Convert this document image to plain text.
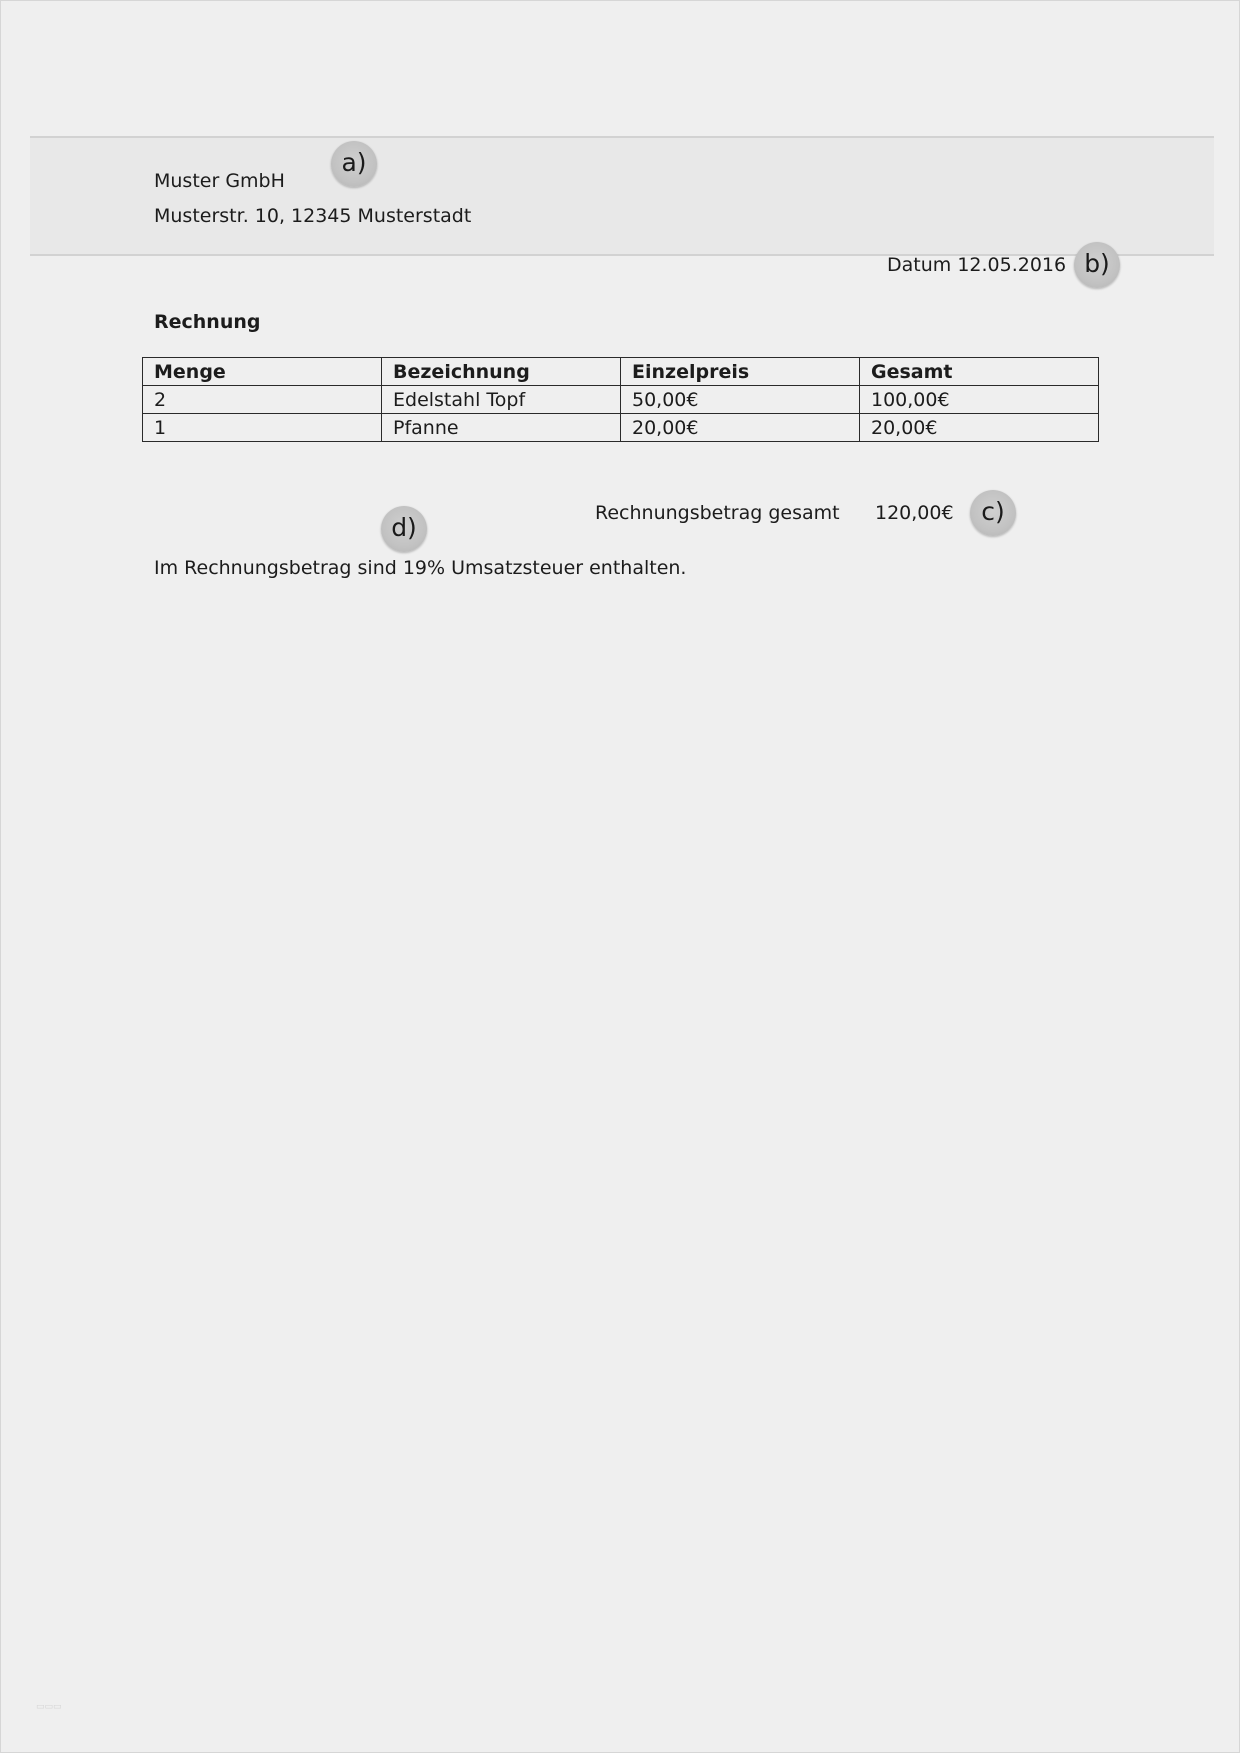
Muster GmbH
Musterstr. 10, 12345 Musterstadt
a)
Datum 12.05.2016 b)
Rechnung
Menge	Bezeichnung	Einzelpreis	Gesamt
2	Edelstahl Topf	50,00€	100,00€
1	Pfanne	20,00€	20,00€
Rechnungsbetrag gesamt 120,00€	c)
d)
Im Rechnungsbetrag sind 19% Umsatzsteuer enthalten.
▭▭▭
